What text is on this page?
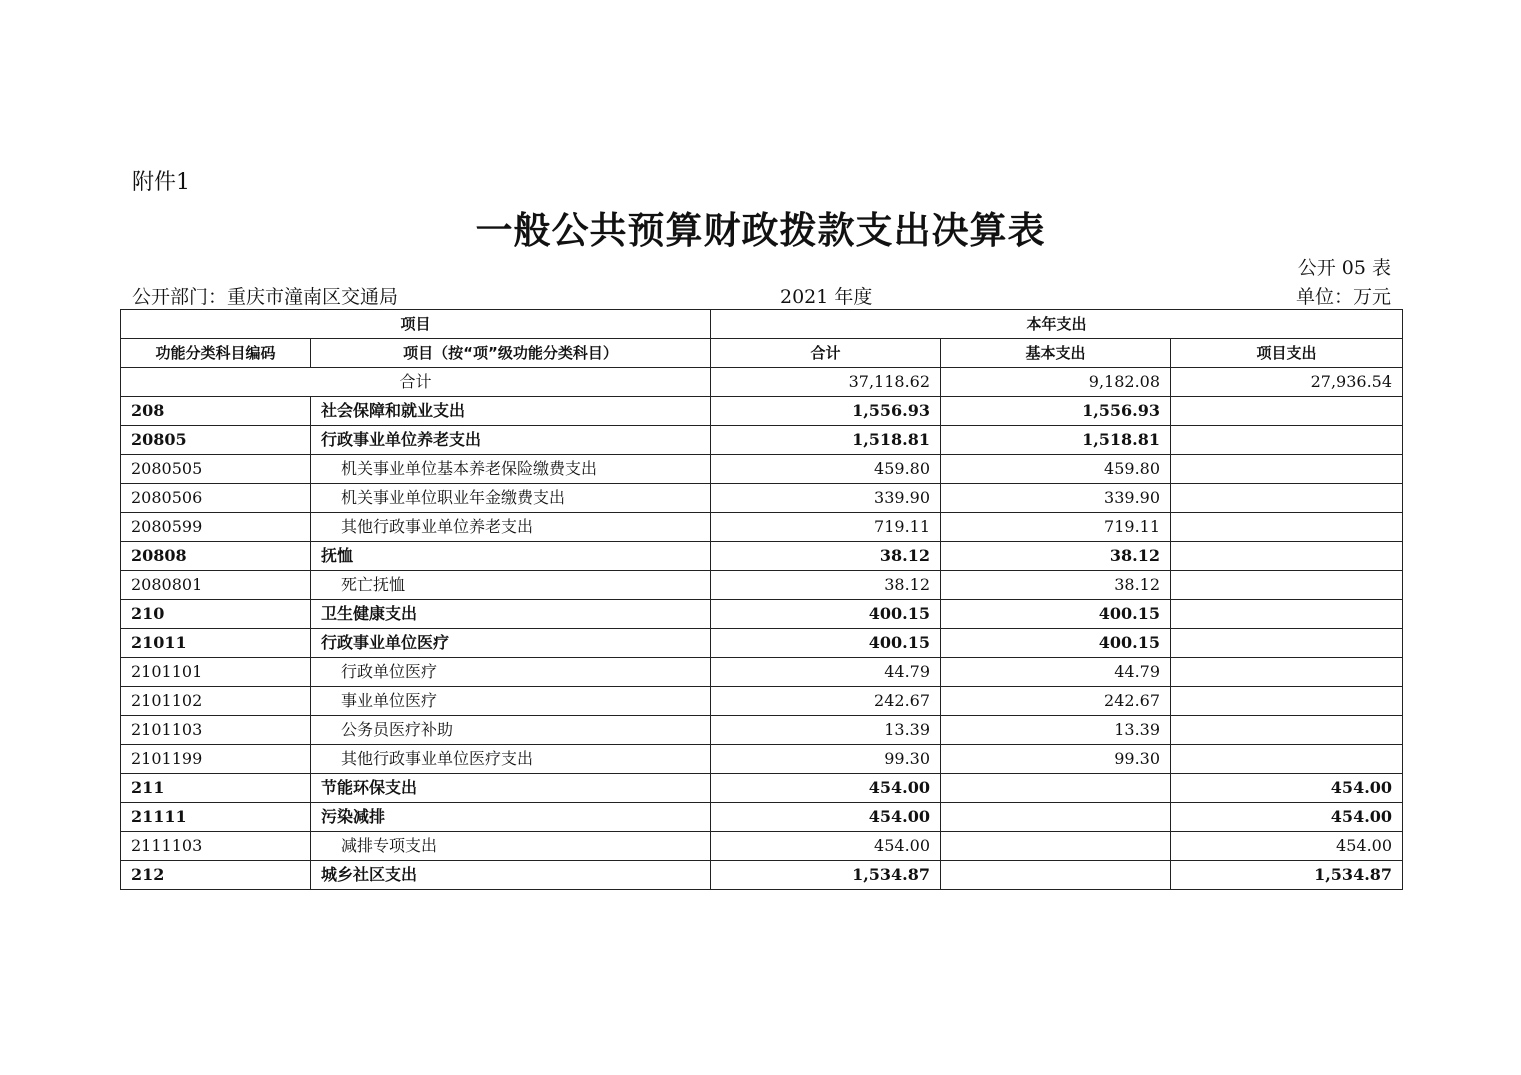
附件1
一般公共预算财政拨款支出决算表
公开 05 表
公开部门：重庆市潼南区交通局	2021 年度	单位：万元
项目		本年支出		
功能分类科目编码	项目（按“项”级功能分类科目）	合计	基本支出	项目支出
合计		37,118.62	9,182.08	27,936.54
208	社会保障和就业支出	1,556.93	1,556.93	
20805	行政事业单位养老支出	1,518.81	1,518.81	
2080505	机关事业单位基本养老保险缴费支出	459.80	459.80	
2080506	机关事业单位职业年金缴费支出	339.90	339.90	
2080599	其他行政事业单位养老支出	719.11	719.11	
20808	抚恤	38.12	38.12	
2080801	死亡抚恤	38.12	38.12	
210	卫生健康支出	400.15	400.15	
21011	行政事业单位医疗	400.15	400.15	
2101101	行政单位医疗	44.79	44.79	
2101102	事业单位医疗	242.67	242.67	
2101103	公务员医疗补助	13.39	13.39	
2101199	其他行政事业单位医疗支出	99.30	99.30	
211	节能环保支出	454.00		454.00
21111	污染减排	454.00		454.00
2111103	减排专项支出	454.00		454.00
212	城乡社区支出	1,534.87		1,534.87
